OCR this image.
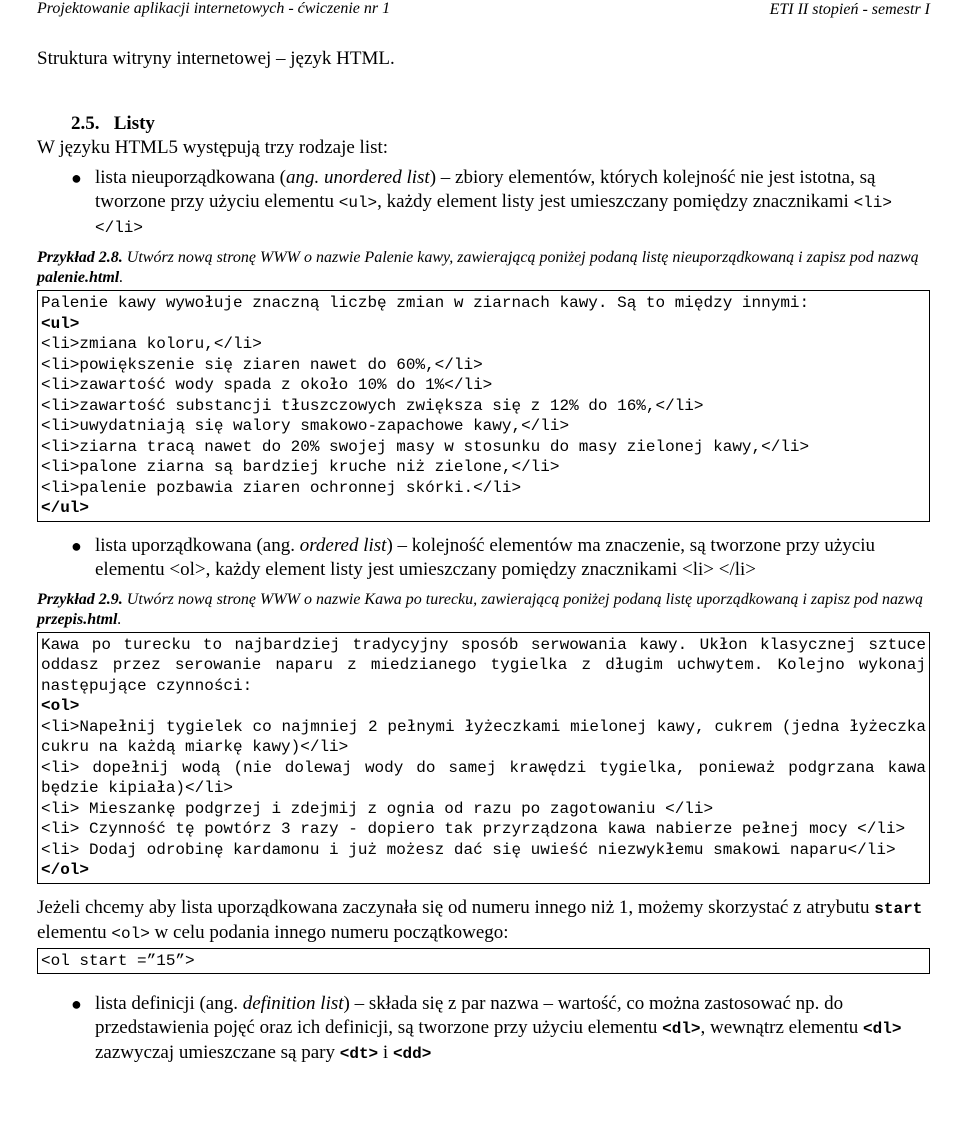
Projektowanie aplikacji internetowych - ćwiczenie nr 1	ETI II stopień - semestr I
Struktura witryny internetowej – język HTML.
2.5. Listy
W języku HTML5 występują trzy rodzaje list:
● lista nieuporządkowana (ang. unordered list) – zbiory elementów, których kolejność nie jest istotna, są tworzone przy użyciu elementu <ul>, każdy element listy jest umieszczany pomiędzy znacznikami <li> </li>
Przykład 2.8. Utwórz nową stronę WWW o nazwie Palenie kawy, zawierającą poniżej podaną listę nieuporządkowaną i zapisz pod nazwą palenie.html.
Palenie kawy wywołuje znaczną liczbę zmian w ziarnach kawy. Są to między innymi:
<ul>
<li>zmiana koloru,</li>
<li>powiększenie się ziaren nawet do 60%,</li>
<li>zawartość wody spada z około 10% do 1%</li>
<li>zawartość substancji tłuszczowych zwiększa się z 12% do 16%,</li>
<li>uwydatniają się walory smakowo-zapachowe kawy,</li>
<li>ziarna tracą nawet do 20% swojej masy w stosunku do masy zielonej kawy,</li>
<li>palone ziarna są bardziej kruche niż zielone,</li>
<li>palenie pozbawia ziaren ochronnej skórki.</li>
</ul>
● lista uporządkowana (ang. ordered list) – kolejność elementów ma znaczenie, są tworzone przy użyciu elementu <ol>, każdy element listy jest umieszczany pomiędzy znacznikami <li> </li>
Przykład 2.9. Utwórz nową stronę WWW o nazwie Kawa po turecku, zawierającą poniżej podaną listę uporządkowaną i zapisz pod nazwą przepis.html.
Kawa po turecku to najbardziej tradycyjny sposób serwowania kawy. Ukłon klasycznej sztuce oddasz przez serowanie naparu z miedzianego tygielka z długim uchwytem. Kolejno wykonaj następujące czynności:
<ol>
<li>Napełnij tygielek co najmniej 2 pełnymi łyżeczkami mielonej kawy, cukrem (jedna łyżeczka cukru na każdą miarkę kawy)</li>
<li> dopełnij wodą (nie dolewaj wody do samej krawędzi tygielka, ponieważ podgrzana kawa będzie kipiała)</li>
<li> Mieszankę podgrzej i zdejmij z ognia od razu po zagotowaniu </li>
<li> Czynność tę powtórz 3 razy - dopiero tak przyrządzona kawa nabierze pełnej mocy </li>
<li> Dodaj odrobinę kardamonu i już możesz dać się uwieść niezwykłemu smakowi naparu</li>
</ol>
Jeżeli chcemy aby lista uporządkowana zaczynała się od numeru innego niż 1, możemy skorzystać z atrybutu start elementu <ol> w celu podania innego numeru początkowego:
<ol start =”15”>
● lista definicji (ang. definition list) – składa się z par nazwa – wartość, co można zastosować np. do przedstawienia pojęć oraz ich definicji, są tworzone przy użyciu elementu <dl>, wewnątrz elementu <dl> zazwyczaj umieszczane są pary <dt> i <dd>
